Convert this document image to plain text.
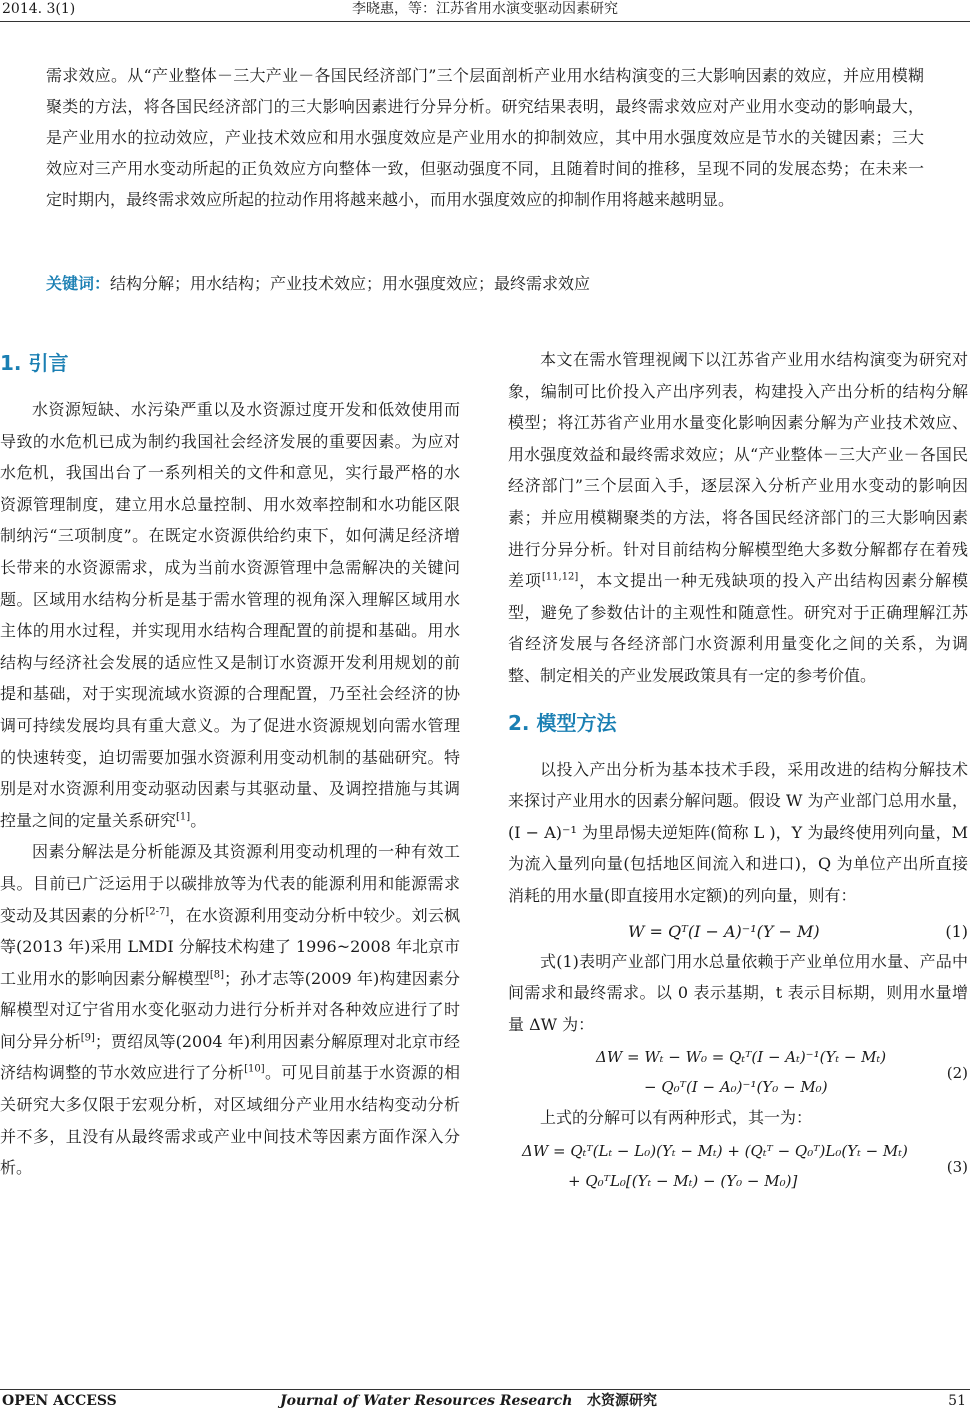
2014. 3(1)	李晓惠，等：江苏省用水演变驱动因素研究
需求效应。从“产业整体－三大产业－各国民经济部门”三个层面剖析产业用水结构演变的三大影响因素的效应，并应用模糊聚类的方法，将各国民经济部门的三大影响因素进行分异分析。研究结果表明，最终需求效应对产业用水变动的影响最大，是产业用水的拉动效应，产业技术效应和用水强度效应是产业用水的抑制效应，其中用水强度效应是节水的关键因素；三大效应对三产用水变动所起的正负效应方向整体一致，但驱动强度不同，且随着时间的推移，呈现不同的发展态势；在未来一定时期内，最终需求效应所起的拉动作用将越来越小，而用水强度效应的抑制作用将越来越明显。
关键词：结构分解；用水结构；产业技术效应；用水强度效应；最终需求效应
1. 引言

水资源短缺、水污染严重以及水资源过度开发和低效使用而导致的水危机已成为制约我国社会经济发展的重要因素。为应对水危机，我国出台了一系列相关的文件和意见，实行最严格的水资源管理制度，建立用水总量控制、用水效率控制和水功能区限制纳污“三项制度”。在既定水资源供给约束下，如何满足经济增长带来的水资源需求，成为当前水资源管理中急需解决的关键问题。区域用水结构分析是基于需水管理的视角深入理解区域用水主体的用水过程，并实现用水结构合理配置的前提和基础。用水结构与经济社会发展的适应性又是制订水资源开发利用规划的前提和基础，对于实现流域水资源的合理配置，乃至社会经济的协调可持续发展均具有重大意义。为了促进水资源规划向需水管理的快速转变，迫切需要加强水资源利用变动机制的基础研究。特别是对水资源利用变动驱动因素与其驱动量、及调控措施与其调控量之间的定量关系研究[1]。

因素分解法是分析能源及其资源利用变动机理的一种有效工具。目前已广泛运用于以碳排放等为代表的能源利用和能源需求变动及其因素的分析[2-7]，在水资源利用变动分析中较少。刘云枫等(2013 年)采用 LMDI 分解技术构建了 1996~2008 年北京市工业用水的影响因素分解模型[8]；孙才志等(2009 年)构建因素分解模型对辽宁省用水变化驱动力进行分析并对各种效应进行了时间分异分析[9]；贾绍凤等(2004 年)利用因素分解原理对北京市经济结构调整的节水效应进行了分析[10]。可见目前基于水资源的相关研究大多仅限于宏观分析，对区域细分产业用水结构变动分析并不多，且没有从最终需求或产业中间技术等因素方面作深入分析。

本文在需水管理视阈下以江苏省产业用水结构演变为研究对象，编制可比价投入产出序列表，构建投入产出分析的结构分解模型；将江苏省产业用水量变化影响因素分解为产业技术效应、用水强度效益和最终需求效应；从“产业整体－三大产业－各国民经济部门”三个层面入手，逐层深入分析产业用水变动的影响因素；并应用模糊聚类的方法，将各国民经济部门的三大影响因素进行分异分析。针对目前结构分解模型绝大多数分解都存在着残差项[11,12]，本文提出一种无残缺项的投入产出结构因素分解模型，避免了参数估计的主观性和随意性。研究对于正确理解江苏省经济发展与各经济部门水资源利用量变化之间的关系，为调整、制定相关的产业发展政策具有一定的参考价值。

2. 模型方法

以投入产出分析为基本技术手段，采用改进的结构分解技术来探讨产业用水的因素分解问题。假设 W 为产业部门总用水量，(I − A)⁻¹ 为里昂惕夫逆矩阵(简称 L )，Y 为最终使用列向量，M 为流入量列向量(包括地区间流入和进口)，Q 为单位产出所直接消耗的用水量(即直接用水定额)的列向量，则有：

W = Qᵀ(I − A)⁻¹(Y − M)	(1)

式(1)表明产业部门用水总量依赖于产业单位用水量、产品中间需求和最终需求。以 0 表示基期，t 表示目标期，则用水量增量 ΔW 为：

ΔW = Wₜ − W₀ = Qₜᵀ(I − Aₜ)⁻¹(Yₜ − Mₜ)
− Q₀ᵀ(I − A₀)⁻¹(Y₀ − M₀)
(2)

上式的分解可以有两种形式，其一为：

ΔW = Qₜᵀ(Lₜ − L₀)(Yₜ − Mₜ) + (Qₜᵀ − Q₀ᵀ)L₀(Yₜ − Mₜ)
+ Q₀ᵀL₀[(Yₜ − Mₜ) − (Y₀ − M₀)]
(3)
OPEN ACCESS	Journal of Water Resources Research 水资源研究	51
